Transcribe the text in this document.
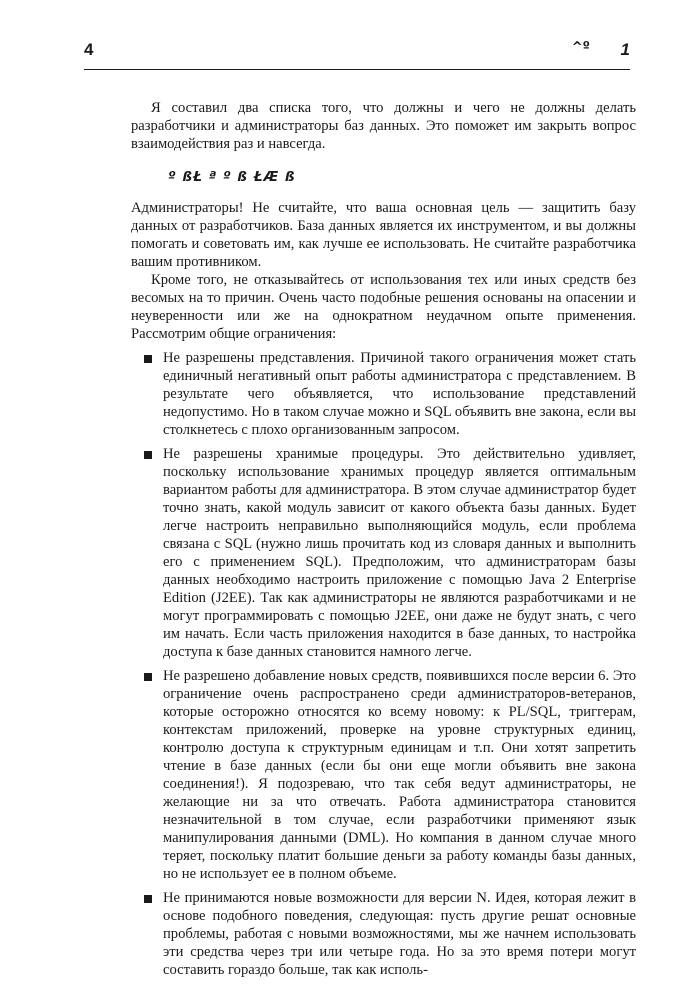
4	^º 1

Я составил два списка того, что должны и чего не должны делать разработчики и администраторы баз данных. Это поможет им закрыть вопрос взаимодействия раз и навсегда.

º ßŁ ª º ß ŁÆ ß

Администраторы! Не считайте, что ваша основная цель — защитить базу данных от разработчиков. База данных является их инструментом, и вы должны помогать и советовать им, как лучше ее использовать. Не считайте разработчика вашим противником.

Кроме того, не отказывайтесь от использования тех или иных средств без весомых на то причин. Очень часто подобные решения основаны на опасении и неуверенности или же на однократном неудачном опыте применения. Рассмотрим общие ограничения:

Не разрешены представления. Причиной такого ограничения может стать единичный негативный опыт работы администратора с представлением. В результате чего объявляется, что использование представлений недопустимо. Но в таком случае можно и SQL объявить вне закона, если вы столкнетесь с плохо организованным запросом.

Не разрешены хранимые процедуры. Это действительно удивляет, поскольку использование хранимых процедур является оптимальным вариантом работы для администратора. В этом случае администратор будет точно знать, какой модуль зависит от какого объекта базы данных. Будет легче настроить неправильно выполняющийся модуль, если проблема связана с SQL (нужно лишь прочитать код из словаря данных и выполнить его с применением SQL). Предположим, что администраторам базы данных необходимо настроить приложение с помощью Java 2 Enterprise Edition (J2EE). Так как администраторы не являются разработчиками и не могут программировать с помощью J2EE, они даже не будут знать, с чего им начать. Если часть приложения находится в базе данных, то настройка доступа к базе данных становится намного легче.

Не разрешено добавление новых средств, появившихся после версии 6. Это ограничение очень распространено среди администраторов-ветеранов, которые осторожно относятся ко всему новому: к PL/SQL, триггерам, контекстам приложений, проверке на уровне структурных единиц, контролю доступа к структурным единицам и т.п. Они хотят запретить чтение в базе данных (если бы они еще могли объявить вне закона соединения!). Я подозреваю, что так себя ведут администраторы, не желающие ни за что отвечать. Работа администратора становится незначительной в том случае, если разработчики применяют язык манипулирования данными (DML). Но компания в данном случае много теряет, поскольку платит большие деньги за работу команды базы данных, но не использует ее в полном объеме.

Не принимаются новые возможности для версии N. Идея, которая лежит в основе подобного поведения, следующая: пусть другие решат основные проблемы, работая с новыми возможностями, мы же начнем использовать эти средства через три или четыре года. Но за это время потери могут составить гораздо больше, так как исполь-
